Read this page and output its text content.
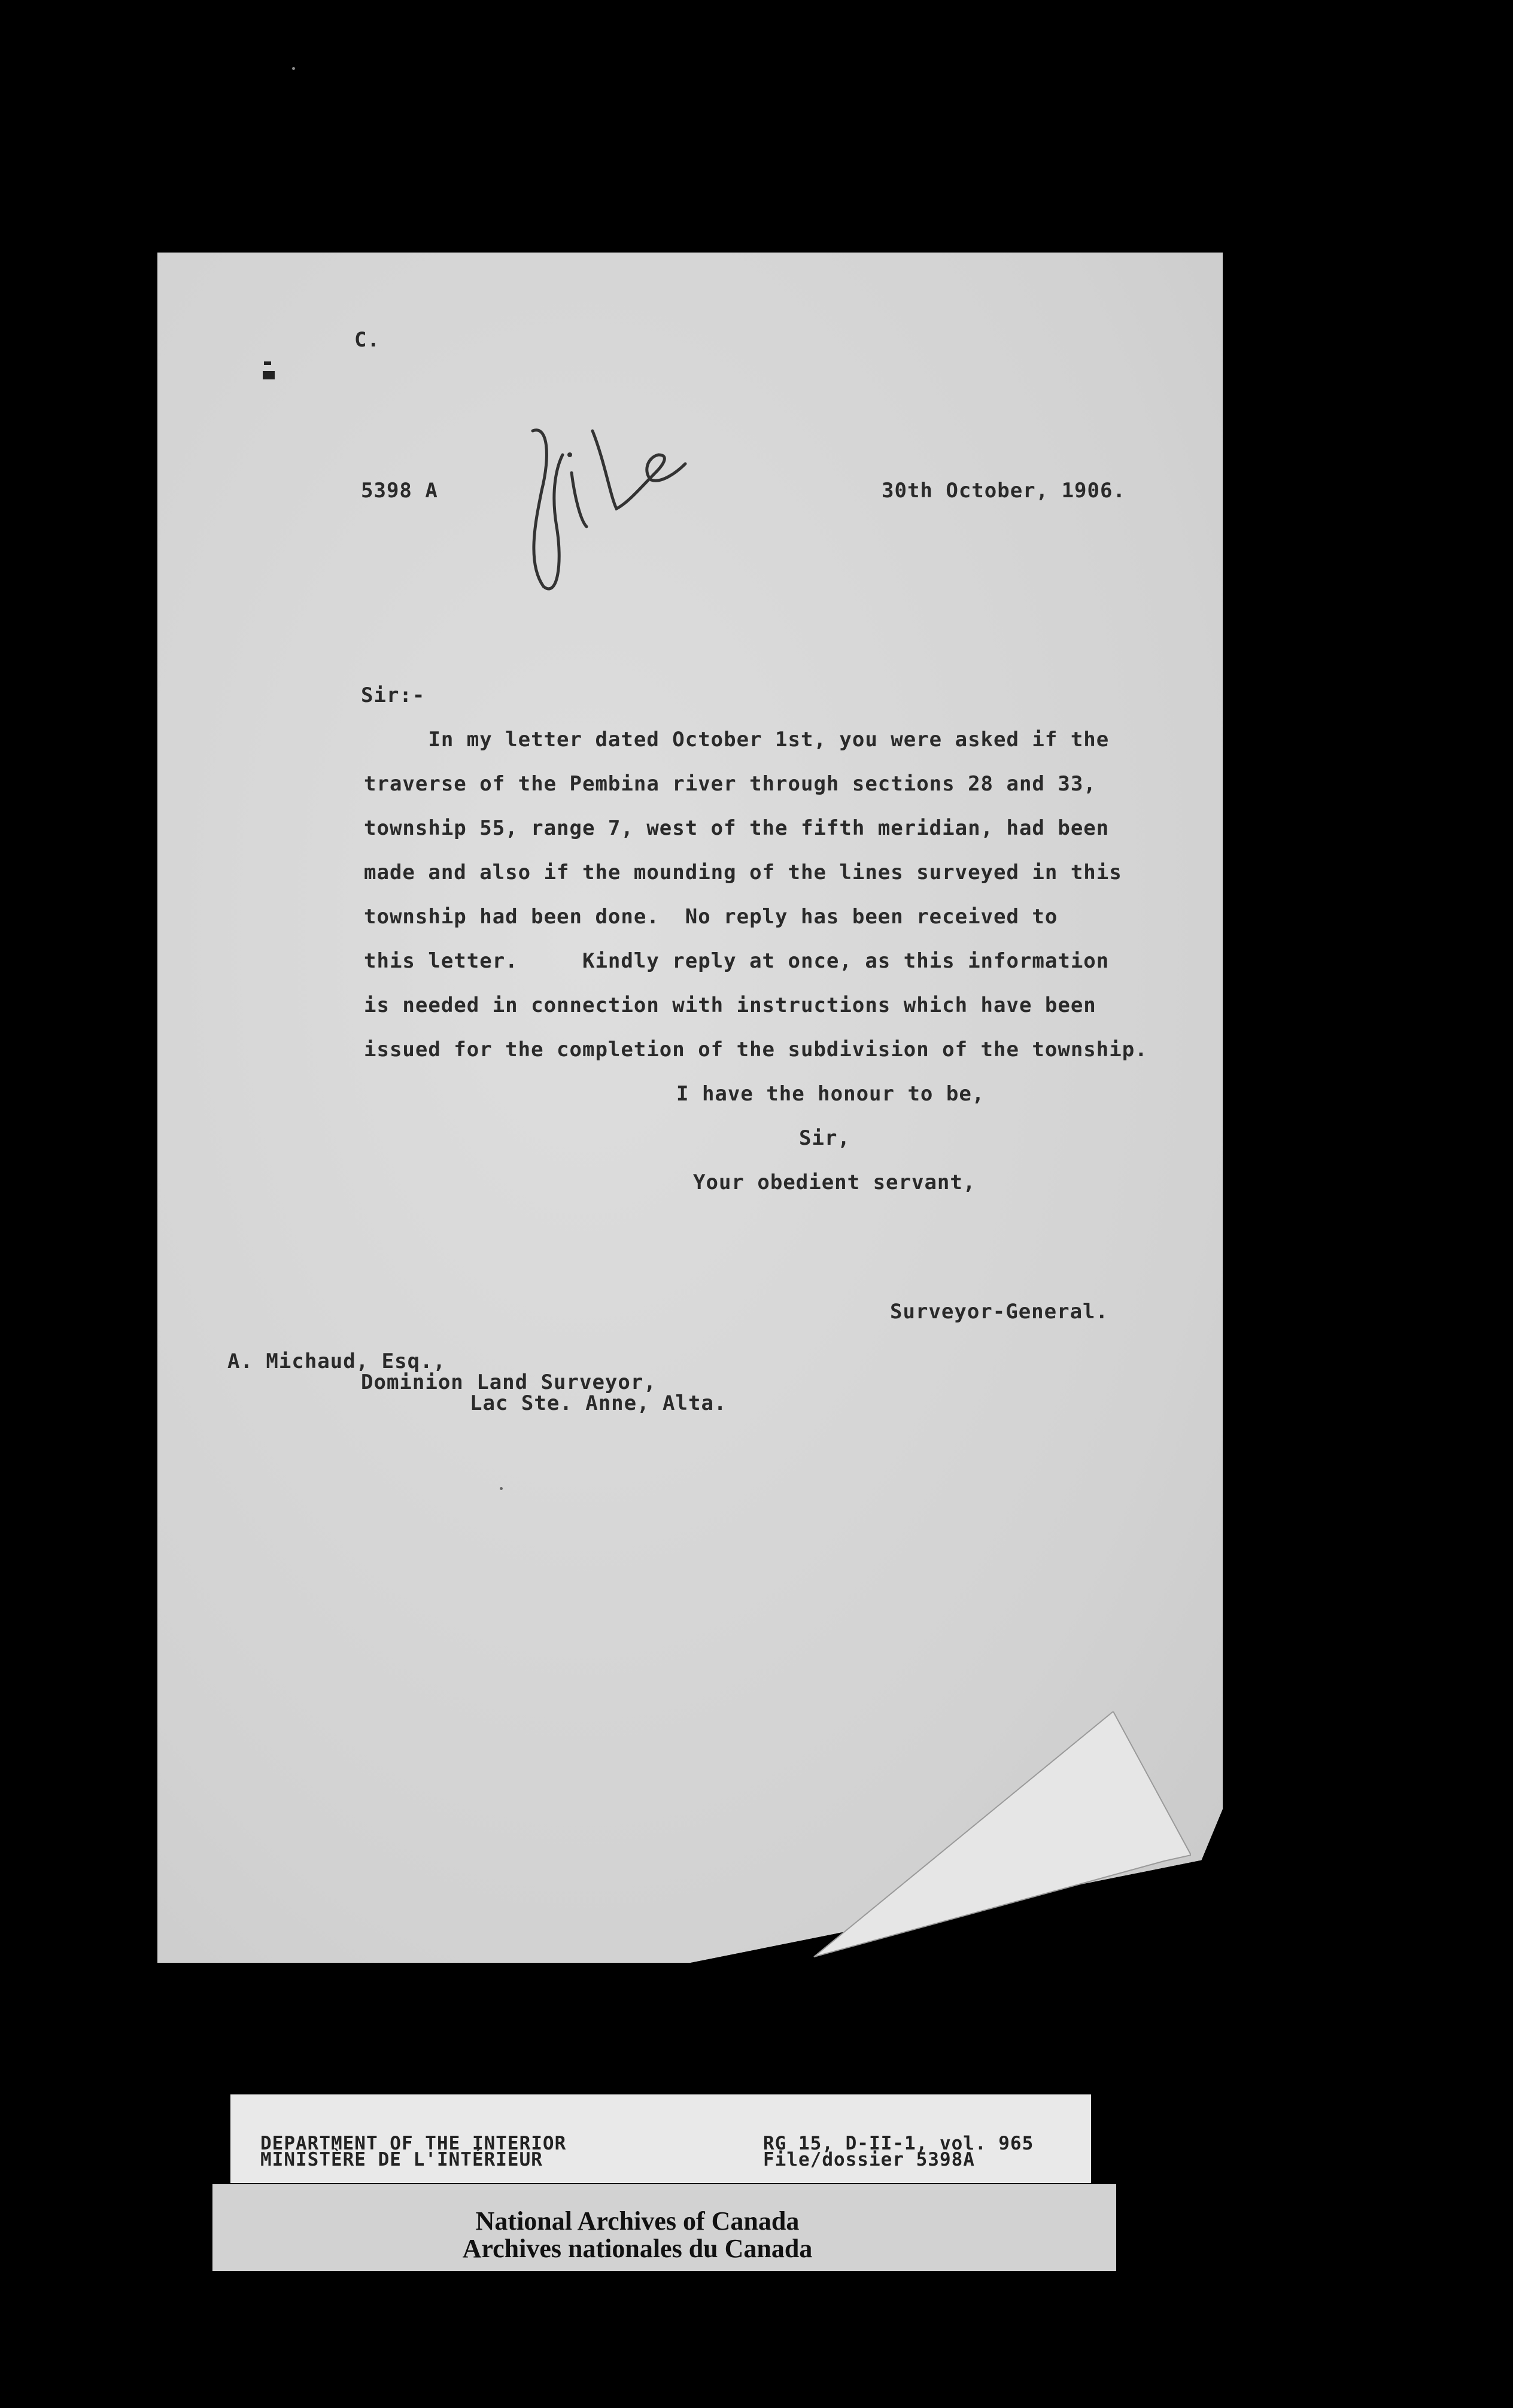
C.
5398 A	30th October, 1906.
Sir:-
In my letter dated October 1st, you were asked if the
traverse of the Pembina river through sections 28 and 33,
township 55, range 7, west of the fifth meridian, had been
made and also if the mounding of the lines surveyed in this
township had been done.  No reply has been received to
this letter.     Kindly reply at once, as this information
is needed in connection with instructions which have been
issued for the completion of the subdivision of the township.
I have the honour to be,
Sir,
Your obedient servant,
Surveyor-General.
A. Michaud, Esq.,
Dominion Land Surveyor,
Lac Ste. Anne, Alta.
DEPARTMENT OF THE INTERIOR
MINISTÈRE DE L'INTÉRIEUR
RG 15, D-II-1, vol. 965
File/dossier 5398A
National Archives of Canada
Archives nationales du Canada
